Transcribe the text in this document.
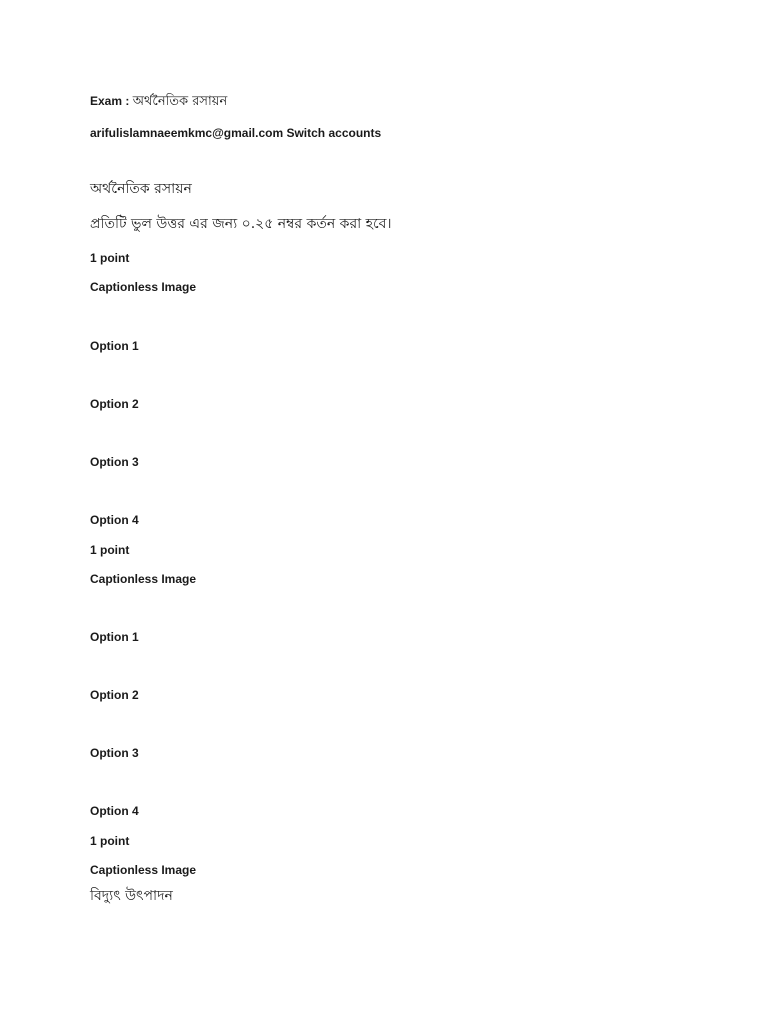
Exam : অর্থনৈতিক রসায়ন
arifulislamnaeemkmc@gmail.com Switch accounts
অর্থনৈতিক রসায়ন
প্রতিটি ভুল উত্তর এর জন্য ০.২৫ নম্বর কর্তন করা হবে।
1 point
Captionless Image
Option 1
Option 2
Option 3
Option 4
1 point
Captionless Image
Option 1
Option 2
Option 3
Option 4
1 point
Captionless Image
বিদ্যুৎ উৎপাদন
